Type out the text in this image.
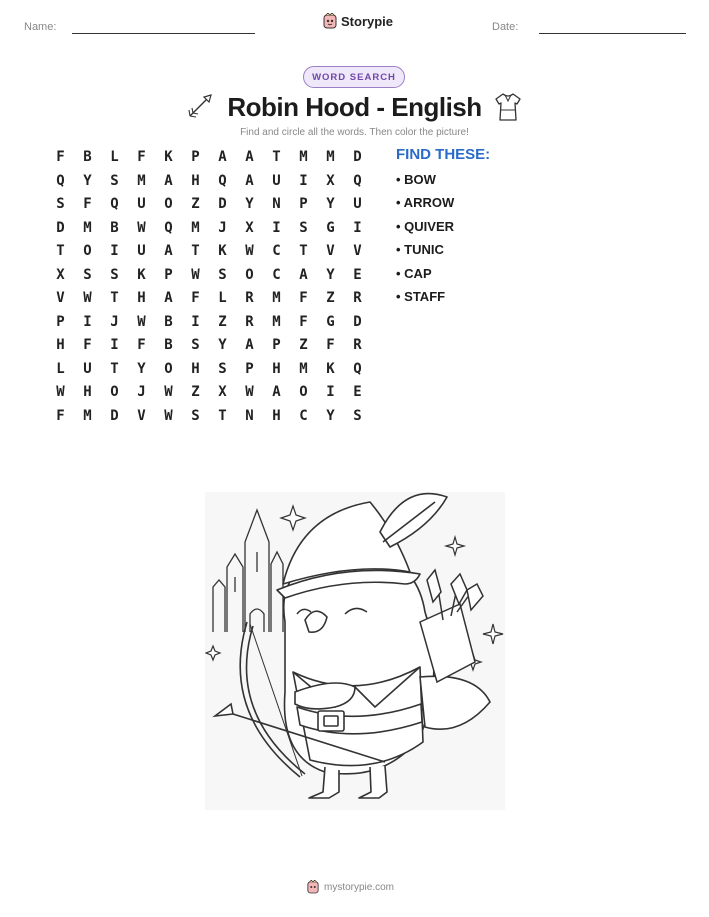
Name:	Storypie	Date:
WORD SEARCH
Robin Hood - English
Find and circle all the words. Then color the picture!
F	B	L	F	K	P	A	A	T	M	M	D
Q	Y	S	M	A	H	Q	A	U	I	X	Q
S	F	Q	U	O	Z	D	Y	N	P	Y	U
D	M	B	W	Q	M	J	X	I	S	G	I
T	O	I	U	A	T	K	W	C	T	V	V
X	S	S	K	P	W	S	O	C	A	Y	E
V	W	T	H	A	F	L	R	M	F	Z	R
P	I	J	W	B	I	Z	R	M	F	G	D
H	F	I	F	B	S	Y	A	P	Z	F	R
L	U	T	Y	O	H	S	P	H	M	K	Q
W	H	O	J	W	Z	X	W	A	O	I	E
F	M	D	V	W	S	T	N	H	C	Y	S
FIND THESE:
• BOW
• ARROW
• QUIVER
• TUNIC
• CAP
• STAFF
mystorypie.com
